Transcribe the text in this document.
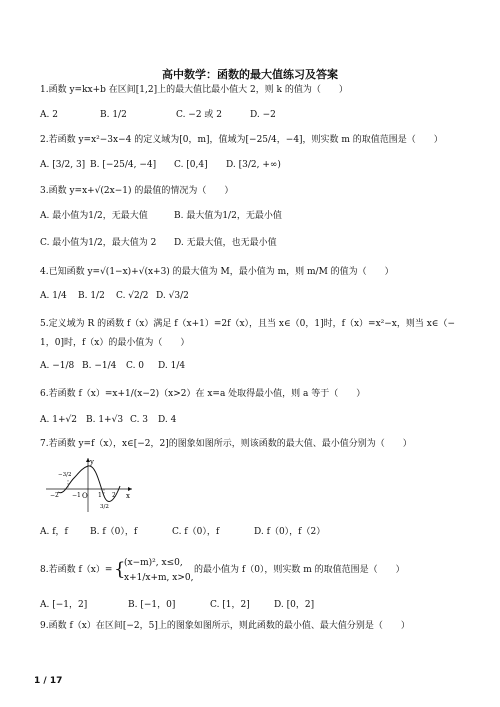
高中数学：函数的最大值练习及答案
1.函数 y=kx+b 在区间[1,2]上的最大值比最小值大 2，则 k 的值为（　　）
A. 2	B. 1/2	C. −2 或 2	D. −2
2.若函数 y=x²−3x−4 的定义域为[0，m]，值域为[−25/4，−4]，则实数 m 的取值范围是（　　）
A. [3/2, 3] B. [−25/4, −4] C. [0,4] D. [3/2, +∞)
3.函数 y=x+√(2x−1) 的最值的情况为（　　）
A. 最小值为1/2，无最大值	B. 最大值为1/2，无最小值
C. 最小值为1/2，最大值为 2 D. 无最大值，也无最小值
4.已知函数 y=√(1−x)+√(x+3) 的最大值为 M，最小值为 m，则 m/M 的值为（　　）
A. 1/4 B. 1/2 C. √2/2 D. √3/2
5.定义域为 R 的函数 f（x）满足 f（x+1）=2f（x），且当 x∈（0，1]时，f（x）=x²−x，则当 x∈（−
1，0]时，f（x）的最小值为（　　）
A. −1/8 B. −1/4 C. 0 D. 1/4
6.若函数 f（x）=x+1/(x−2)（x>2）在 x=a 处取得最小值，则 a 等于（　　）
A. 1+√2 B. 1+√3 C. 3 D. 4
7.若函数 y=f（x），x∈[−2，2]的图象如图所示，则该函数的最大值、最小值分别为（　　）
y
x
O
−2 −1	1 2
−3/2
3/2
A. f，f B. f（0），f	C. f（0），f	D. f（0），f（2）
8.若函数 f（x）= {
(x−m)², x≤0,
x+1/x+m, x>0,
的最小值为 f（0），则实数 m 的取值范围是（　　）
A. [−1，2]	B. [−1，0]	C. [1，2]	D. [0，2]
9.函数 f（x）在区间[−2，5]上的图象如图所示，则此函数的最小值、最大值分别是（　　）
1 / 17
